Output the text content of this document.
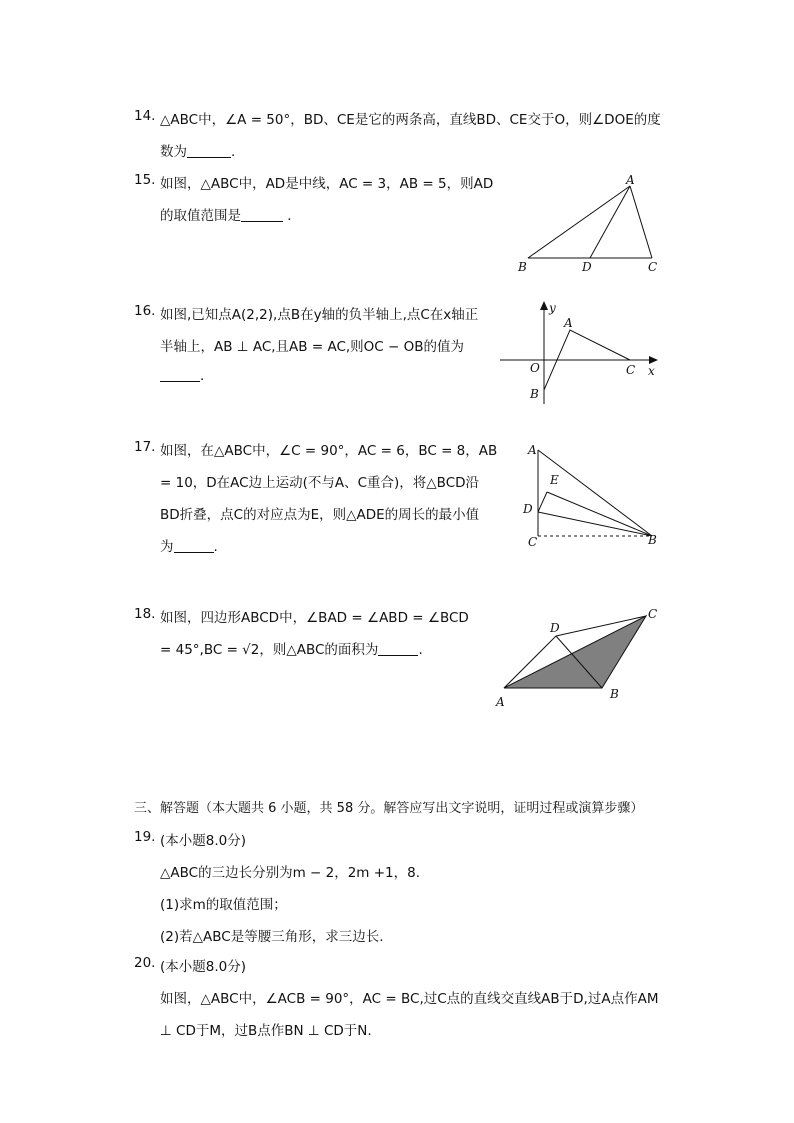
14. △ABC中，∠A = 50°，BD、CE是它的两条高，直线BD、CE交于O，则∠DOE的度
数为	.
15. 如图，△ABC中，AD是中线，AC = 3，AB = 5，则AD
的取值范围是	.
A
B	D	C
16. 如图,已知点A(2,2),点B在y轴的负半轴上,点C在x轴正
半轴上，AB ⊥ AC,且AB = AC,则OC − OB的值为
.
y
x
O
A
B
C
17. 如图，在△ABC中，∠C = 90°，AC = 6，BC = 8，AB
= 10，D在AC边上运动(不与A、C重合)，将△BCD沿
BD折叠，点C的对应点为E，则△ADE的周长的最小值
为	.
A
E
D
C	B
18. 如图，四边形ABCD中，∠BAD = ∠ABD = ∠BCD
= 45°,BC = √2，则△ABC的面积为	.
D
C
A
B
三、解答题（本大题共 6 小题，共 58 分。解答应写出文字说明，证明过程或演算步骤）
19. (本小题8.0分)
△ABC的三边长分别为m − 2，2m +1，8.
(1)求m的取值范围；
(2)若△ABC是等腰三角形，求三边长.
20. (本小题8.0分)
如图，△ABC中，∠ACB = 90°，AC = BC,过C点的直线交直线AB于D,过A点作AM
⊥ CD于M，过B点作BN ⊥ CD于N.
